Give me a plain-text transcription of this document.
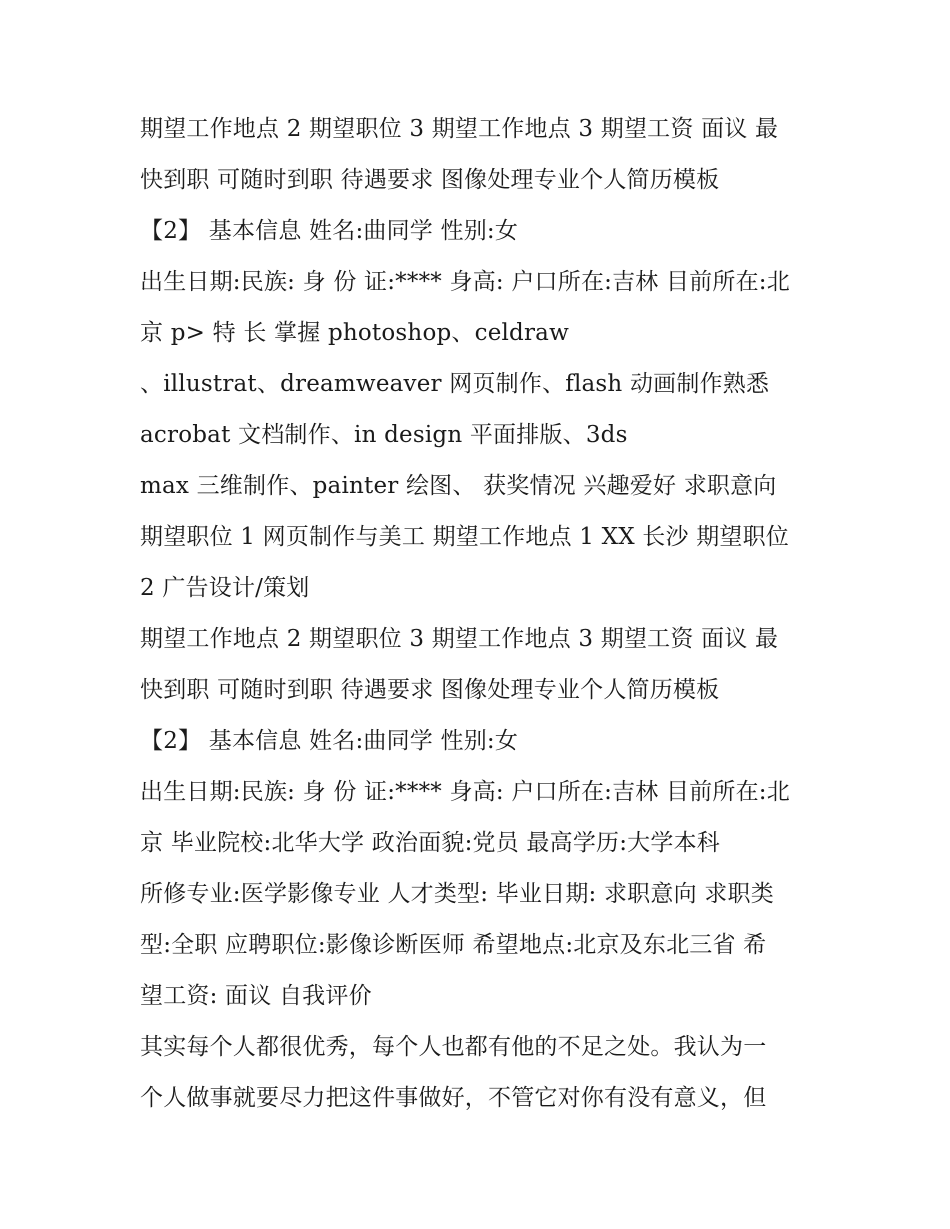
期望工作地点 2 期望职位 3 期望工作地点 3 期望工资 面议 最
快到职 可随时到职 待遇要求 图像处理专业个人简历模板
【2】 基本信息 姓名:曲同学 性别:女
出生日期:民族: 身 份 证:**** 身高: 户口所在:吉林 目前所在:北
京 p> 特 长 掌握 photoshop、celdraw
、illustrat、dreamweaver 网页制作、flash 动画制作熟悉
acrobat 文档制作、in design 平面排版、3ds
max 三维制作、painter 绘图、 获奖情况 兴趣爱好 求职意向
期望职位 1 网页制作与美工 期望工作地点 1 XX 长沙 期望职位
2 广告设计/策划
期望工作地点 2 期望职位 3 期望工作地点 3 期望工资 面议 最
快到职 可随时到职 待遇要求 图像处理专业个人简历模板
【2】 基本信息 姓名:曲同学 性别:女
出生日期:民族: 身 份 证:**** 身高: 户口所在:吉林 目前所在:北
京 毕业院校:北华大学 政治面貌:党员 最高学历:大学本科
所修专业:医学影像专业 人才类型: 毕业日期: 求职意向 求职类
型:全职 应聘职位:影像诊断医师 希望地点:北京及东北三省 希
望工资: 面议 自我评价
其实每个人都很优秀，每个人也都有他的不足之处。我认为一
个人做事就要尽力把这件事做好，不管它对你有没有意义，但
